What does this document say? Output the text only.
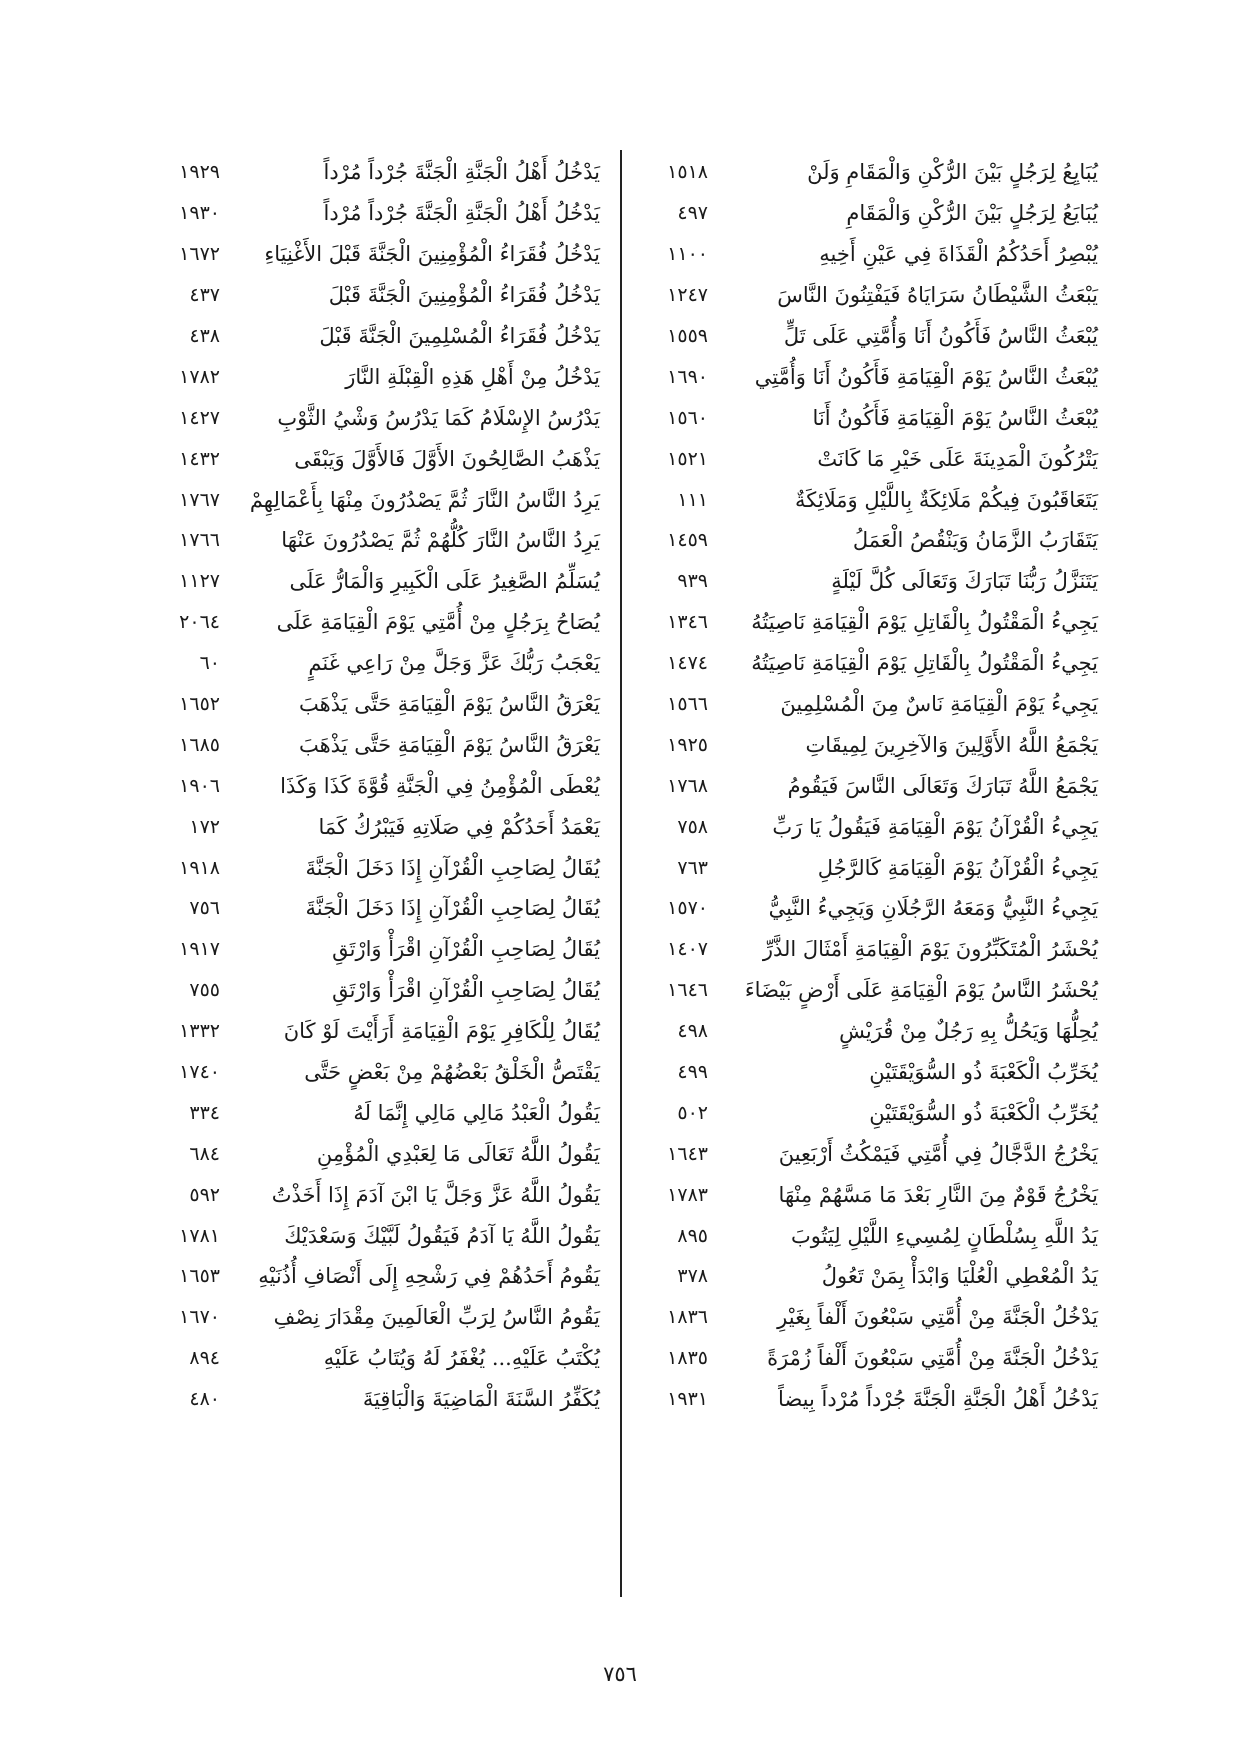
يُبَايِعُ لِرَجُلٍ بَيْنَ الرُّكْنِ وَالْمَقَامِ وَلَنْ
١٥١٨
يُبَايَعُ لِرَجُلٍ بَيْنَ الرُّكْنِ وَالْمَقَامِ
٤٩٧
يُبْصِرُ أَحَدُكُمُ الْقَذَاةَ فِي عَيْنِ أَخِيهِ
١١٠٠
يَبْعَثُ الشَّيْطَانُ سَرَايَاهُ فَيَفْتِنُونَ النَّاسَ
١٢٤٧
يُبْعَثُ النَّاسُ فَأَكُونُ أَنَا وَأُمَّتِي عَلَى تَلٍّ
١٥٥٩
يُبْعَثُ النَّاسُ يَوْمَ الْقِيَامَةِ فَأَكُونُ أَنَا وَأُمَّتِي
١٦٩٠
يُبْعَثُ النَّاسُ يَوْمَ الْقِيَامَةِ فَأَكُونُ أَنَا
١٥٦٠
يَتْرُكُونَ الْمَدِينَةَ عَلَى خَيْرِ مَا كَانَتْ
١٥٢١
يَتَعَاقَبُونَ فِيكُمْ مَلَائِكَةٌ بِاللَّيْلِ وَمَلَائِكَةٌ
١١١
يَتَقَارَبُ الزَّمَانُ وَيَنْقُصُ الْعَمَلُ
١٤٥٩
يَتَنَزَّلُ رَبُّنَا تَبَارَكَ وَتَعَالَى كُلَّ لَيْلَةٍ
٩٣٩
يَجِيءُ الْمَقْتُولُ بِالْقَاتِلِ يَوْمَ الْقِيَامَةِ نَاصِيَتُهُ
١٣٤٦
يَجِيءُ الْمَقْتُولُ بِالْقَاتِلِ يَوْمَ الْقِيَامَةِ نَاصِيَتُهُ
١٤٧٤
يَجِيءُ يَوْمَ الْقِيَامَةِ نَاسٌ مِنَ الْمُسْلِمِينَ
١٥٦٦
يَجْمَعُ اللَّهُ الأَوَّلِينَ وَالآخِرِينَ لِمِيقَاتِ
١٩٢٥
يَجْمَعُ اللَّهُ تَبَارَكَ وَتَعَالَى النَّاسَ فَيَقُومُ
١٧٦٨
يَجِيءُ الْقُرْآنُ يَوْمَ الْقِيَامَةِ فَيَقُولُ يَا رَبِّ
٧٥٨
يَجِيءُ الْقُرْآنُ يَوْمَ الْقِيَامَةِ كَالرَّجُلِ
٧٦٣
يَجِيءُ النَّبِيُّ وَمَعَهُ الرَّجُلَانِ وَيَجِيءُ النَّبِيُّ
١٥٧٠
يُحْشَرُ الْمُتَكَبِّرُونَ يَوْمَ الْقِيَامَةِ أَمْثَالَ الذَّرِّ
١٤٠٧
يُحْشَرُ النَّاسُ يَوْمَ الْقِيَامَةِ عَلَى أَرْضٍ بَيْضَاءَ
١٦٤٦
يُحِلُّهَا وَيَحُلُّ بِهِ رَجُلٌ مِنْ قُرَيْشٍ
٤٩٨
يُخَرِّبُ الْكَعْبَةَ ذُو السُّوَيْقَتَيْنِ
٤٩٩
يُخَرِّبُ الْكَعْبَةَ ذُو السُّوَيْقَتَيْنِ
٥٠٢
يَخْرُجُ الدَّجَّالُ فِي أُمَّتِي فَيَمْكُثُ أَرْبَعِينَ
١٦٤٣
يَخْرُجُ قَوْمٌ مِنَ النَّارِ بَعْدَ مَا مَسَّهُمْ مِنْهَا
١٧٨٣
يَدُ اللَّهِ بِسُلْطَانٍ لِمُسِيءِ اللَّيْلِ لِيَتُوبَ
٨٩٥
يَدُ الْمُعْطِي الْعُلْيَا وَابْدَأْ بِمَنْ تَعُولُ
٣٧٨
يَدْخُلُ الْجَنَّةَ مِنْ أُمَّتِي سَبْعُونَ أَلْفاً بِغَيْرِ
١٨٣٦
يَدْخُلُ الْجَنَّةَ مِنْ أُمَّتِي سَبْعُونَ أَلْفاً زُمْرَةً
١٨٣٥
يَدْخُلُ أَهْلُ الْجَنَّةِ الْجَنَّةَ جُرْداً مُرْداً بِيضاً
١٩٣١
يَدْخُلُ أَهْلُ الْجَنَّةِ الْجَنَّةَ جُرْداً مُرْداً
١٩٢٩
يَدْخُلُ أَهْلُ الْجَنَّةِ الْجَنَّةَ جُرْداً مُرْداً
١٩٣٠
يَدْخُلُ فُقَرَاءُ الْمُؤْمِنِينَ الْجَنَّةَ قَبْلَ الأَغْنِيَاءِ
١٦٧٢
يَدْخُلُ فُقَرَاءُ الْمُؤْمِنِينَ الْجَنَّةَ قَبْلَ
٤٣٧
يَدْخُلُ فُقَرَاءُ الْمُسْلِمِينَ الْجَنَّةَ قَبْلَ
٤٣٨
يَدْخُلُ مِنْ أَهْلِ هَذِهِ الْقِبْلَةِ النَّارَ
١٧٨٢
يَدْرُسُ الإِسْلَامُ كَمَا يَدْرُسُ وَشْيُ الثَّوْبِ
١٤٢٧
يَذْهَبُ الصَّالِحُونَ الأَوَّلَ فَالأَوَّلَ وَيَبْقَى
١٤٣٢
يَرِدُ النَّاسُ النَّارَ ثُمَّ يَصْدُرُونَ مِنْهَا بِأَعْمَالِهِمْ
١٧٦٧
يَرِدُ النَّاسُ النَّارَ كُلُّهُمْ ثُمَّ يَصْدُرُونَ عَنْهَا
١٧٦٦
يُسَلِّمُ الصَّغِيرُ عَلَى الْكَبِيرِ وَالْمَارُّ عَلَى
١١٢٧
يُصَاحُ بِرَجُلٍ مِنْ أُمَّتِي يَوْمَ الْقِيَامَةِ عَلَى
٢٠٦٤
يَعْجَبُ رَبُّكَ عَزَّ وَجَلَّ مِنْ رَاعِي غَنَمٍ
٦٠
يَعْرَقُ النَّاسُ يَوْمَ الْقِيَامَةِ حَتَّى يَذْهَبَ
١٦٥٢
يَعْرَقُ النَّاسُ يَوْمَ الْقِيَامَةِ حَتَّى يَذْهَبَ
١٦٨٥
يُعْطَى الْمُؤْمِنُ فِي الْجَنَّةِ قُوَّةَ كَذَا وَكَذَا
١٩٠٦
يَعْمَدُ أَحَدُكُمْ فِي صَلَاتِهِ فَيَبْرُكُ كَمَا
١٧٢
يُقَالُ لِصَاحِبِ الْقُرْآنِ إِذَا دَخَلَ الْجَنَّةَ
١٩١٨
يُقَالُ لِصَاحِبِ الْقُرْآنِ إِذَا دَخَلَ الْجَنَّةَ
٧٥٦
يُقَالُ لِصَاحِبِ الْقُرْآنِ اقْرَأْ وَارْتَقِ
١٩١٧
يُقَالُ لِصَاحِبِ الْقُرْآنِ اقْرَأْ وَارْتَقِ
٧٥٥
يُقَالُ لِلْكَافِرِ يَوْمَ الْقِيَامَةِ أَرَأَيْتَ لَوْ كَانَ
١٣٣٢
يَقْتَصُّ الْخَلْقُ بَعْضُهُمْ مِنْ بَعْضٍ حَتَّى
١٧٤٠
يَقُولُ الْعَبْدُ مَالِي مَالِي إِنَّمَا لَهُ
٣٣٤
يَقُولُ اللَّهُ تَعَالَى مَا لِعَبْدِي الْمُؤْمِنِ
٦٨٤
يَقُولُ اللَّهُ عَزَّ وَجَلَّ يَا ابْنَ آدَمَ إِذَا أَخَذْتُ
٥٩٢
يَقُولُ اللَّهُ يَا آدَمُ فَيَقُولُ لَبَّيْكَ وَسَعْدَيْكَ
١٧٨١
يَقُومُ أَحَدُهُمْ فِي رَشْحِهِ إِلَى أَنْصَافِ أُذُنَيْهِ
١٦٥٣
يَقُومُ النَّاسُ لِرَبِّ الْعَالَمِينَ مِقْدَارَ نِصْفِ
١٦٧٠
يُكْتَبُ عَلَيْهِ... يُغْفَرُ لَهُ وَيُتَابُ عَلَيْهِ
٨٩٤
يُكَفِّرُ السَّنَةَ الْمَاضِيَةَ وَالْبَاقِيَةَ
٤٨٠
٧٥٦
